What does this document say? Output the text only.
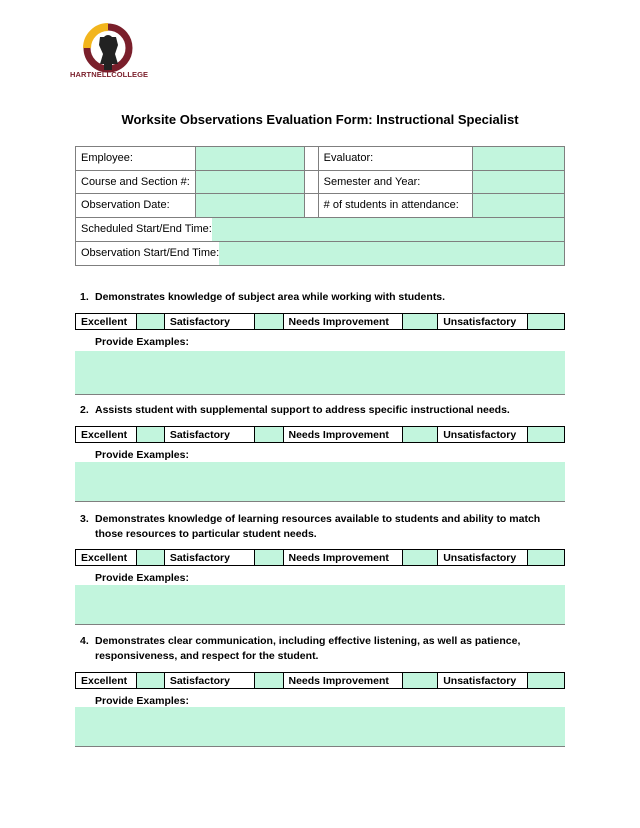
HARTNELLCOLLEGE
Worksite Observations Evaluation Form: Instructional Specialist
Employee:			Evaluator:	
Course and Section #:			Semester and Year:	
Observation Date:			# of students in attendance:	

Scheduled Start/End Time:				

Observation Start/End Time:				
1. Demonstrates knowledge of subject area while working with students.
Excellent		Satisfactory		Needs Improvement		Unsatisfactory	
Provide Examples:
2. Assists student with supplemental support to address specific instructional needs.
Excellent		Satisfactory		Needs Improvement		Unsatisfactory	
Provide Examples:
3. Demonstrates knowledge of learning resources available to students and ability to match those resources to particular student needs.
Excellent		Satisfactory		Needs Improvement		Unsatisfactory	
Provide Examples:
4. Demonstrates clear communication, including effective listening, as well as patience, responsiveness, and respect for the student.
Excellent		Satisfactory		Needs Improvement		Unsatisfactory	
Provide Examples:
